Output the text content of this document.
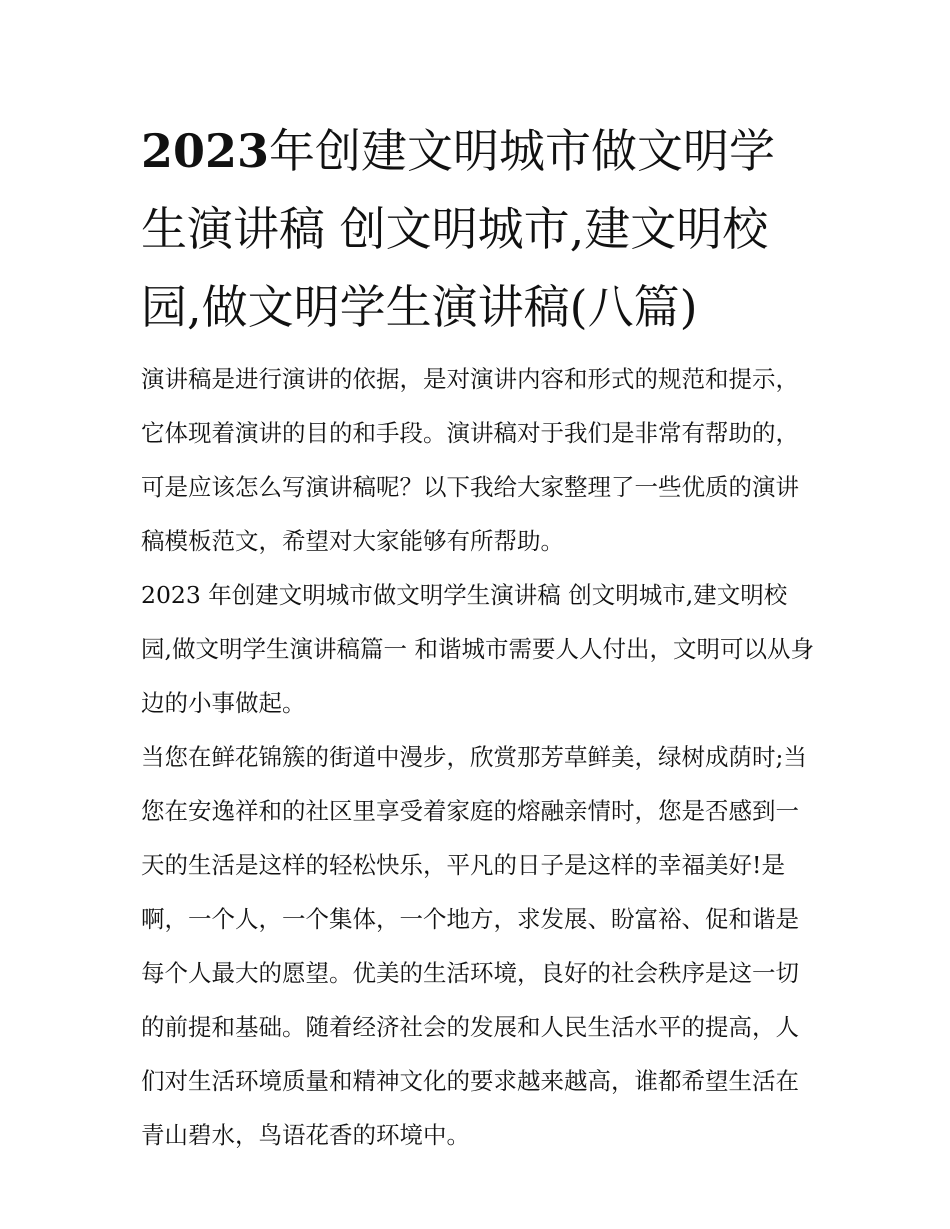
2023年创建文明城市做文明学生演讲稿 创文明城市,建文明校园,做文明学生演讲稿(八篇)

演讲稿是进行演讲的依据，是对演讲内容和形式的规范和提示，它体现着演讲的目的和手段。演讲稿对于我们是非常有帮助的，可是应该怎么写演讲稿呢？以下我给大家整理了一些优质的演讲稿模板范文，希望对大家能够有所帮助。

2023 年创建文明城市做文明学生演讲稿 创文明城市,建文明校园,做文明学生演讲稿篇一 和谐城市需要人人付出，文明可以从身边的小事做起。

当您在鲜花锦簇的街道中漫步，欣赏那芳草鲜美，绿树成荫时;当您在安逸祥和的社区里享受着家庭的熔融亲情时，您是否感到一天的生活是这样的轻松快乐，平凡的日子是这样的幸福美好!是啊，一个人，一个集体，一个地方，求发展、盼富裕、促和谐是每个人最大的愿望。优美的生活环境，良好的社会秩序是这一切的前提和基础。随着经济社会的发展和人民生活水平的提高，人们对生活环境质量和精神文化的要求越来越高，谁都希望生活在青山碧水，鸟语花香的环境中。
